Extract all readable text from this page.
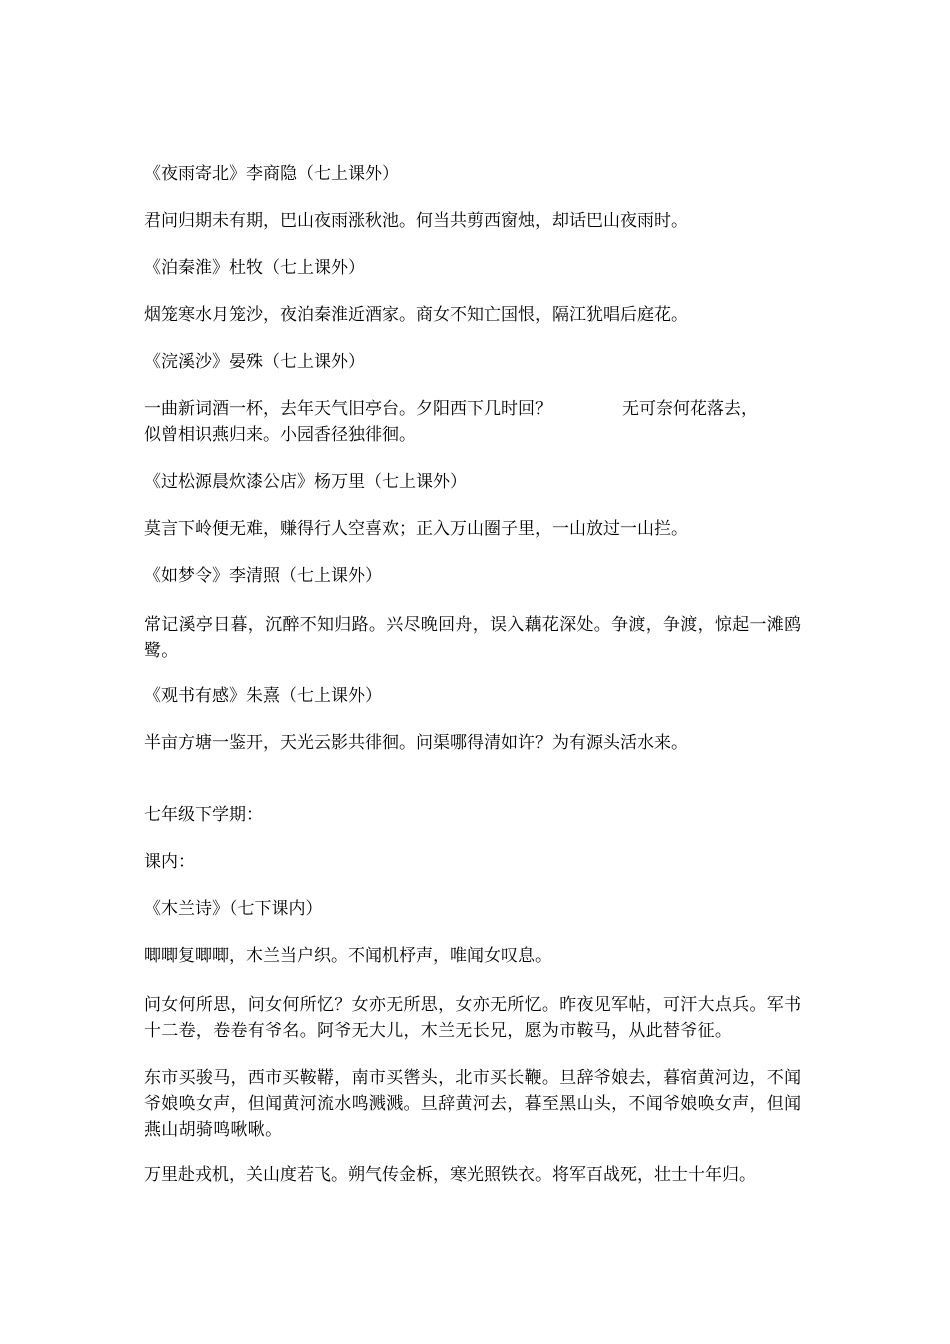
《夜雨寄北》李商隐（七上课外）

君问归期未有期，巴山夜雨涨秋池。何当共剪西窗烛，却话巴山夜雨时。

《泊秦淮》杜牧（七上课外）

烟笼寒水月笼沙，夜泊秦淮近酒家。商女不知亡国恨，隔江犹唱后庭花。

《浣溪沙》晏殊（七上课外）

一曲新词酒一杯，去年天气旧亭台。夕阳西下几时回？	无可奈何花落去，

似曾相识燕归来。小园香径独徘徊。

《过松源晨炊漆公店》杨万里（七上课外）

莫言下岭便无难，赚得行人空喜欢；正入万山圈子里，一山放过一山拦。

《如梦令》李清照（七上课外）

常记溪亭日暮，沉醉不知归路。兴尽晚回舟，误入藕花深处。争渡，争渡，惊起一滩鸥鹭。

《观书有感》朱熹（七上课外）

半亩方塘一鉴开，天光云影共徘徊。问渠哪得清如许？为有源头活水来。

七年级下学期：

课内：

《木兰诗》（七下课内）

唧唧复唧唧，木兰当户织。不闻机杼声，唯闻女叹息。

问女何所思，问女何所忆？女亦无所思，女亦无所忆。昨夜见军帖，可汗大点兵。军书十二卷，卷卷有爷名。阿爷无大儿，木兰无长兄，愿为市鞍马，从此替爷征。

东市买骏马，西市买鞍鞯，南市买辔头，北市买长鞭。旦辞爷娘去，暮宿黄河边，不闻爷娘唤女声，但闻黄河流水鸣溅溅。旦辞黄河去，暮至黑山头，不闻爷娘唤女声，但闻燕山胡骑鸣啾啾。

万里赴戎机，关山度若飞。朔气传金柝，寒光照铁衣。将军百战死，壮士十年归。
